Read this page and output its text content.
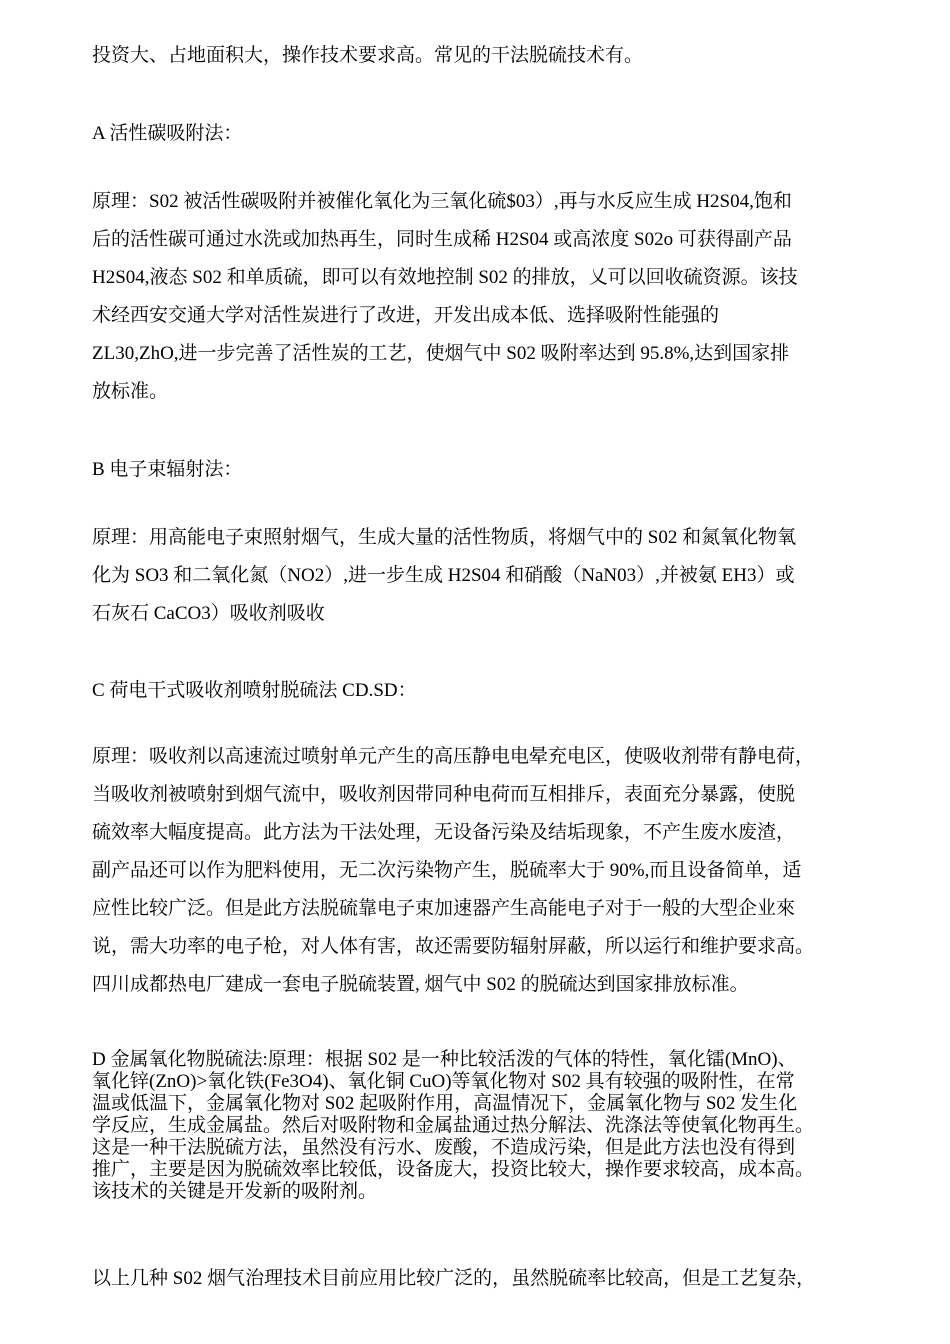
投资大、占地面积大，操作技术要求高。常见的干法脱硫技术有。

A 活性碳吸附法：

原理：S02 被活性碳吸附并被催化氧化为三氧化硫$03）,再与水反应生成 H2S04,饱和
后的活性碳可通过水洗或加热再生，同时生成稀 H2S04 或高浓度 S02o 可获得副产品
H2S04,液态 S02 和单质硫，即可以有效地控制 S02 的排放，乂可以回收硫资源。该技
术经西安交通大学对活性炭进行了改进，开发出成本低、选择吸附性能强的
ZL30,ZhO,进一步完善了活性炭的工艺，使烟气中 S02 吸附率达到 95.8%,达到国家排
放标准。

B 电子束辐射法：

原理：用高能电子束照射烟气，生成大量的活性物质，将烟气中的 S02 和氮氧化物氧
化为 SO3 和二氧化氮（NO2）,进一步生成 H2S04 和硝酸（NaN03）,并被氨 EH3）或
石灰石 CaCO3）吸收剂吸收

C 荷电干式吸收剂喷射脱硫法 CD.SD：

原理：吸收剂以高速流过喷射单元产生的高压静电电晕充电区，使吸收剂带有静电荷，
当吸收剂被喷射到烟气流中，吸收剂因带同种电荷而互相排斥，表面充分暴露，使脱
硫效率大幅度提高。此方法为干法处理，无设备污染及结垢现象，不产生废水废渣，
副产品还可以作为肥料使用，无二次污染物产生，脱硫率大于 90%,而且设备简单，适
应性比较广泛。但是此方法脱硫靠电子束加速器产生高能电子对于一般的大型企业來
说，需大功率的电子枪，对人体有害，故还需要防辐射屏蔽，所以运行和维护要求高。
四川成都热电厂建成一套电子脱硫装置, 烟气中 S02 的脱硫达到国家排放标准。

D 金属氧化物脱硫法:原理：根据 S02 是一种比较活泼的气体的特性，氧化镭(MnO)、
氧化锌(ZnO)>氧化铁(Fe3O4)、氧化铜 CuO)等氧化物对 S02 具有较强的吸附性，在常
温或低温下，金属氧化物对 S02 起吸附作用，高温情况下，金属氧化物与 S02 发生化
学反应，生成金属盐。然后对吸附物和金属盐通过热分解法、洗涤法等使氧化物再生。
这是一种干法脱硫方法，虽然没有污水、废酸，不造成污染，但是此方法也没有得到
推广，主要是因为脱硫效率比较低，设备庞大，投资比较大，操作要求较高，成本高。
该技术的关键是开发新的吸附剂。

以上几种 S02 烟气治理技术目前应用比较广泛的，虽然脱硫率比较高，但是工艺复杂，
